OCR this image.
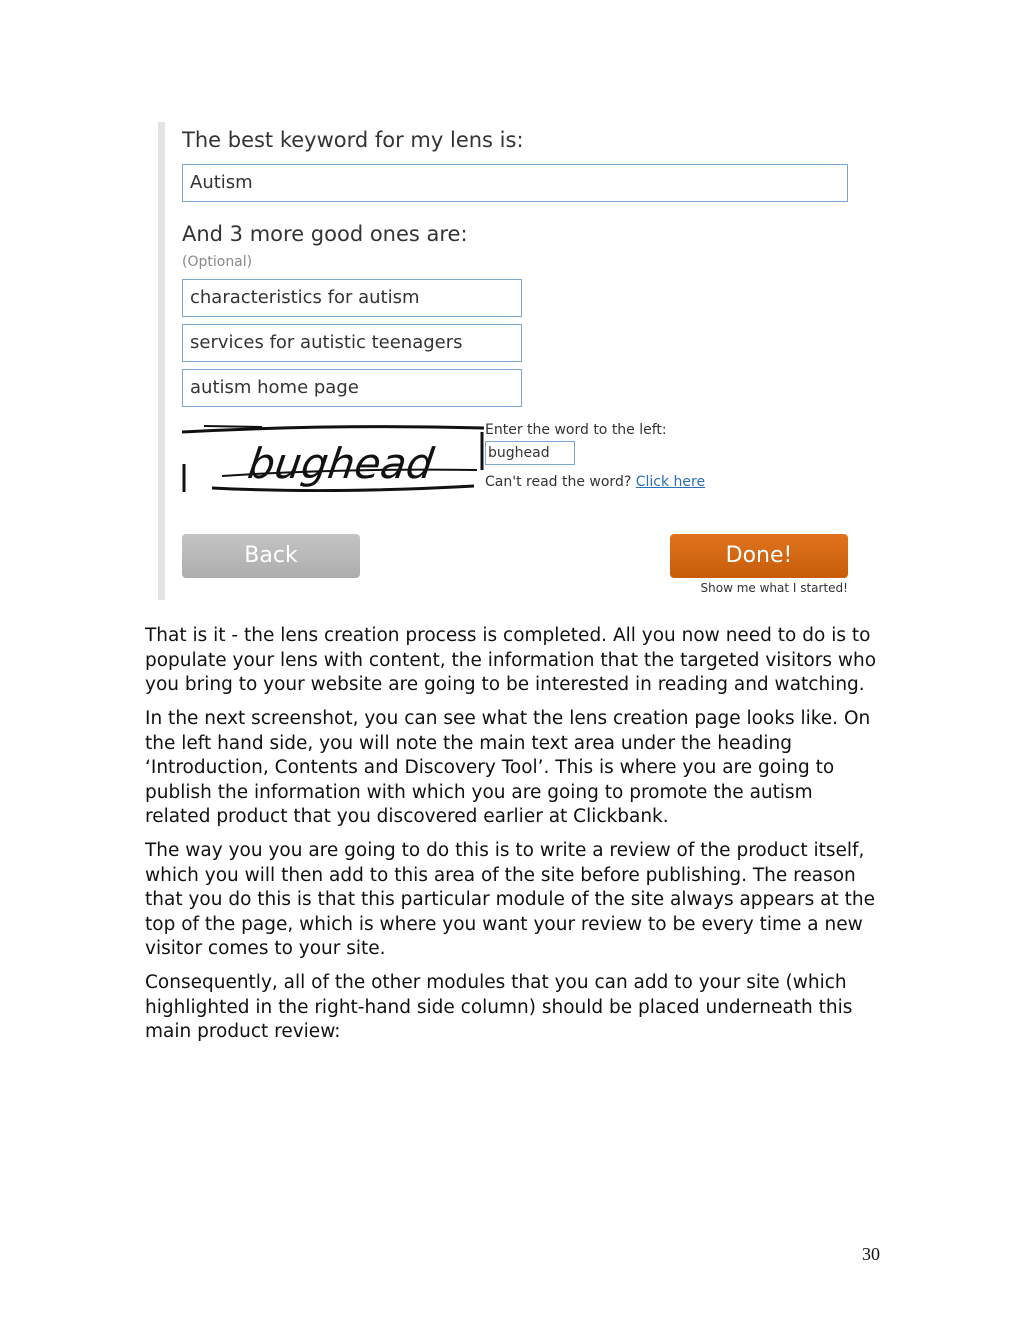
The best keyword for my lens is:
Autism
And 3 more good ones are:
(Optional)
characteristics for autism
services for autistic teenagers
autism home page
bughead
Enter the word to the left:
bughead
Can't read the word? Click here
Back	Done!
Show me what I started!

That is it - the lens creation process is completed. All you now need to do is to populate your lens with content, the information that the targeted visitors who you bring to your website are going to be interested in reading and watching.

In the next screenshot, you can see what the lens creation page looks like. On the left hand side, you will note the main text area under the heading ‘Introduction, Contents and Discovery Tool’. This is where you are going to publish the information with which you are going to promote the autism related product that you discovered earlier at Clickbank.

The way you you are going to do this is to write a review of the product itself, which you will then add to this area of the site before publishing. The reason that you do this is that this particular module of the site always appears at the top of the page, which is where you want your review to be every time a new visitor comes to your site.

Consequently, all of the other modules that you can add to your site (which highlighted in the right-hand side column) should be placed underneath this main product review:

30
